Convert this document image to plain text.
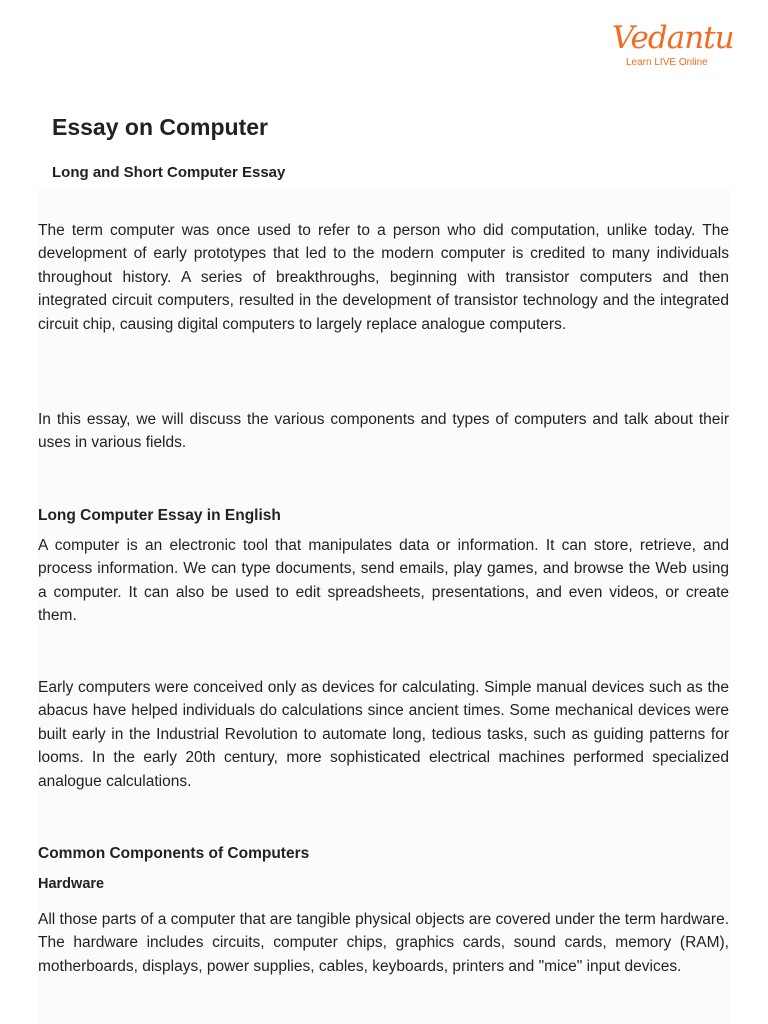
Vedantu
Learn LIVE Online
Essay on Computer
Long and Short Computer Essay

The term computer was once used to refer to a person who did computation, unlike today. The development of early prototypes that led to the modern computer is credited to many individuals throughout history. A series of breakthroughs, beginning with transistor computers and then integrated circuit computers, resulted in the development of transistor technology and the integrated circuit chip, causing digital computers to largely replace analogue computers.

In this essay, we will discuss the various components and types of computers and talk about their uses in various fields.

Long Computer Essay in English

A computer is an electronic tool that manipulates data or information. It can store, retrieve, and process information. We can type documents, send emails, play games, and browse the Web using a computer. It can also be used to edit spreadsheets, presentations, and even videos, or create them.

Early computers were conceived only as devices for calculating. Simple manual devices such as the abacus have helped individuals do calculations since ancient times. Some mechanical devices were built early in the Industrial Revolution to automate long, tedious tasks, such as guiding patterns for looms. In the early 20th century, more sophisticated electrical machines performed specialized analogue calculations.

Common Components of Computers
Hardware

All those parts of a computer that are tangible physical objects are covered under the term hardware. The hardware includes circuits, computer chips, graphics cards, sound cards, memory (RAM), motherboards, displays, power supplies, cables, keyboards, printers and "mice" input devices.
